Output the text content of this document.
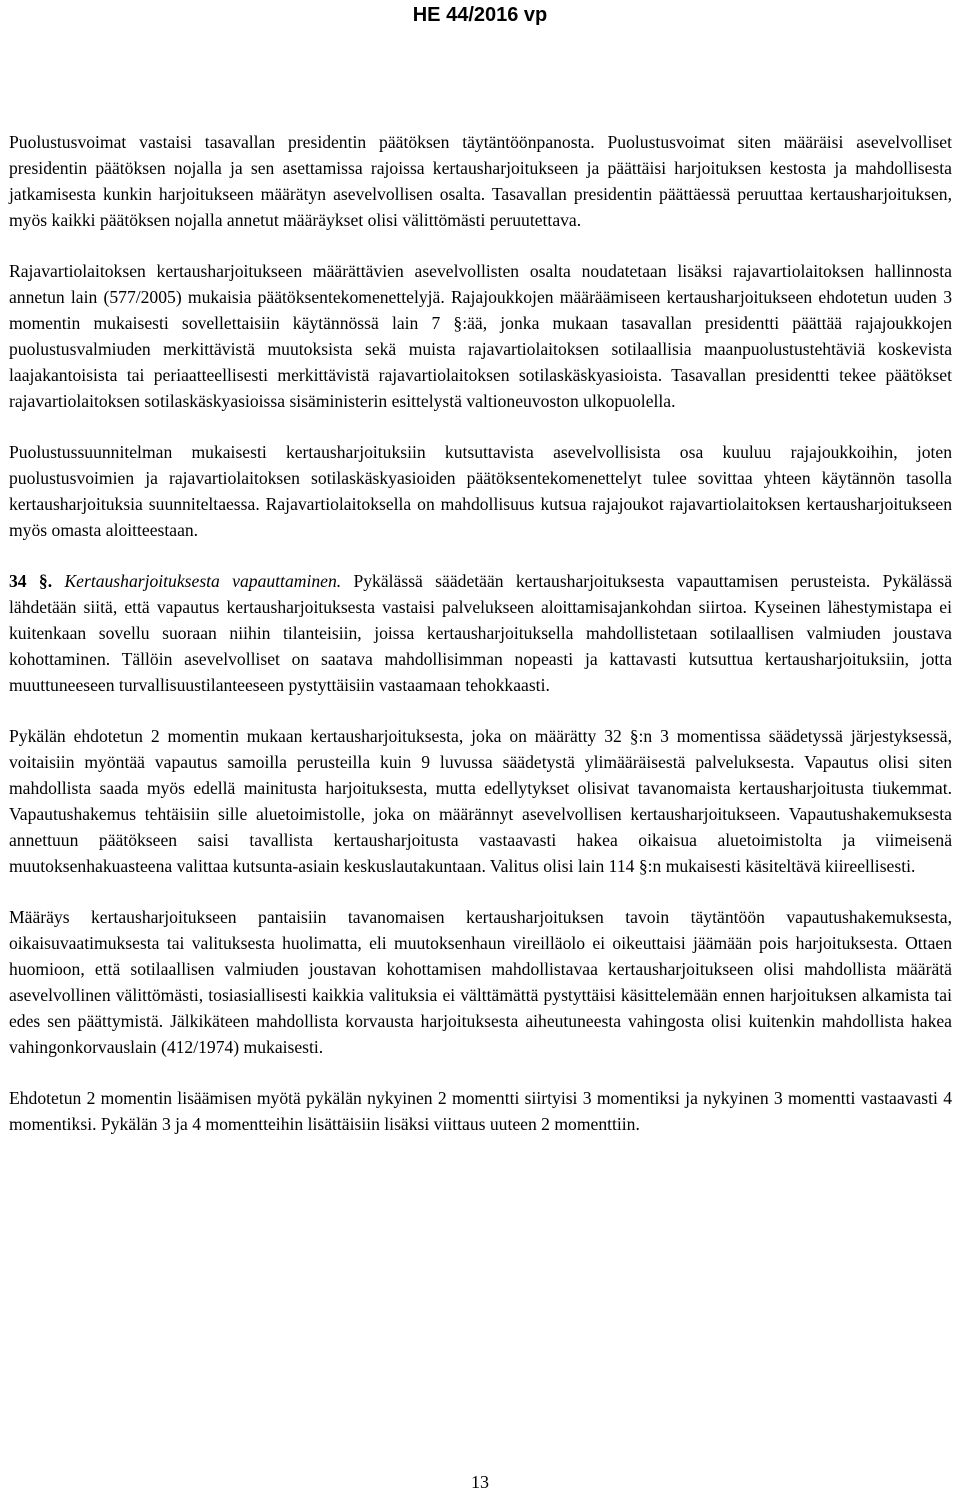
HE 44/2016 vp

Puolustusvoimat vastaisi tasavallan presidentin päätöksen täytäntöönpanosta. Puolustusvoimat siten määräisi asevelvolliset presidentin päätöksen nojalla ja sen asettamissa rajoissa kertausharjoitukseen ja päättäisi harjoituksen kestosta ja mahdollisesta jatkamisesta kunkin harjoitukseen määrätyn asevelvollisen osalta. Tasavallan presidentin päättäessä peruuttaa kertausharjoituksen, myös kaikki päätöksen nojalla annetut määräykset olisi välittömästi peruutettava.

Rajavartiolaitoksen kertausharjoitukseen määrättävien asevelvollisten osalta noudatetaan lisäksi rajavartiolaitoksen hallinnosta annetun lain (577/2005) mukaisia päätöksentekomenettelyjä. Rajajoukkojen määräämiseen kertausharjoitukseen ehdotetun uuden 3 momentin mukaisesti sovellettaisiin käytännössä lain 7 §:ää, jonka mukaan tasavallan presidentti päättää rajajoukkojen puolustusvalmiuden merkittävistä muutoksista sekä muista rajavartiolaitoksen sotilaallisia maanpuolustustehtäviä koskevista laajakantoisista tai periaatteellisesti merkittävistä rajavartiolaitoksen sotilaskäskyasioista. Tasavallan presidentti tekee päätökset rajavartiolaitoksen sotilaskäskyasioissa sisäministerin esittelystä valtioneuvoston ulkopuolella.

Puolustussuunnitelman mukaisesti kertausharjoituksiin kutsuttavista asevelvollisista osa kuuluu rajajoukkoihin, joten puolustusvoimien ja rajavartiolaitoksen sotilaskäskyasioiden päätöksentekomenettelyt tulee sovittaa yhteen käytännön tasolla kertausharjoituksia suunniteltaessa. Rajavartiolaitoksella on mahdollisuus kutsua rajajoukot rajavartiolaitoksen kertausharjoitukseen myös omasta aloitteestaan.

34 §. Kertausharjoituksesta vapauttaminen. Pykälässä säädetään kertausharjoituksesta vapauttamisen perusteista. Pykälässä lähdetään siitä, että vapautus kertausharjoituksesta vastaisi palvelukseen aloittamisajankohdan siirtoa. Kyseinen lähestymistapa ei kuitenkaan sovellu suoraan niihin tilanteisiin, joissa kertausharjoituksella mahdollistetaan sotilaallisen valmiuden joustava kohottaminen. Tällöin asevelvolliset on saatava mahdollisimman nopeasti ja kattavasti kutsuttua kertausharjoituksiin, jotta muuttuneeseen turvallisuustilanteeseen pystyttäisiin vastaamaan tehokkaasti.

Pykälän ehdotetun 2 momentin mukaan kertausharjoituksesta, joka on määrätty 32 §:n 3 momentissa säädetyssä järjestyksessä, voitaisiin myöntää vapautus samoilla perusteilla kuin 9 luvussa säädetystä ylimääräisestä palveluksesta. Vapautus olisi siten mahdollista saada myös edellä mainitusta harjoituksesta, mutta edellytykset olisivat tavanomaista kertausharjoitusta tiukemmat. Vapautushakemus tehtäisiin sille aluetoimistolle, joka on määrännyt asevelvollisen kertausharjoitukseen. Vapautushakemuksesta annettuun päätökseen saisi tavallista kertausharjoitusta vastaavasti hakea oikaisua aluetoimistolta ja viimeisenä muutoksenhakuasteena valittaa kutsunta-asiain keskuslautakuntaan. Valitus olisi lain 114 §:n mukaisesti käsiteltävä kiireellisesti.

Määräys kertausharjoitukseen pantaisiin tavanomaisen kertausharjoituksen tavoin täytäntöön vapautushakemuksesta, oikaisuvaatimuksesta tai valituksesta huolimatta, eli muutoksenhaun vireilläolo ei oikeuttaisi jäämään pois harjoituksesta. Ottaen huomioon, että sotilaallisen valmiuden joustavan kohottamisen mahdollistavaa kertausharjoitukseen olisi mahdollista määrätä asevelvollinen välittömästi, tosiasiallisesti kaikkia valituksia ei välttämättä pystyttäisi käsittelemään ennen harjoituksen alkamista tai edes sen päättymistä. Jälkikäteen mahdollista korvausta harjoituksesta aiheutuneesta vahingosta olisi kuitenkin mahdollista hakea vahingonkorvauslain (412/1974) mukaisesti.

Ehdotetun 2 momentin lisäämisen myötä pykälän nykyinen 2 momentti siirtyisi 3 momentiksi ja nykyinen 3 momentti vastaavasti 4 momentiksi. Pykälän 3 ja 4 momentteihin lisättäisiin lisäksi viittaus uuteen 2 momenttiin.

13
